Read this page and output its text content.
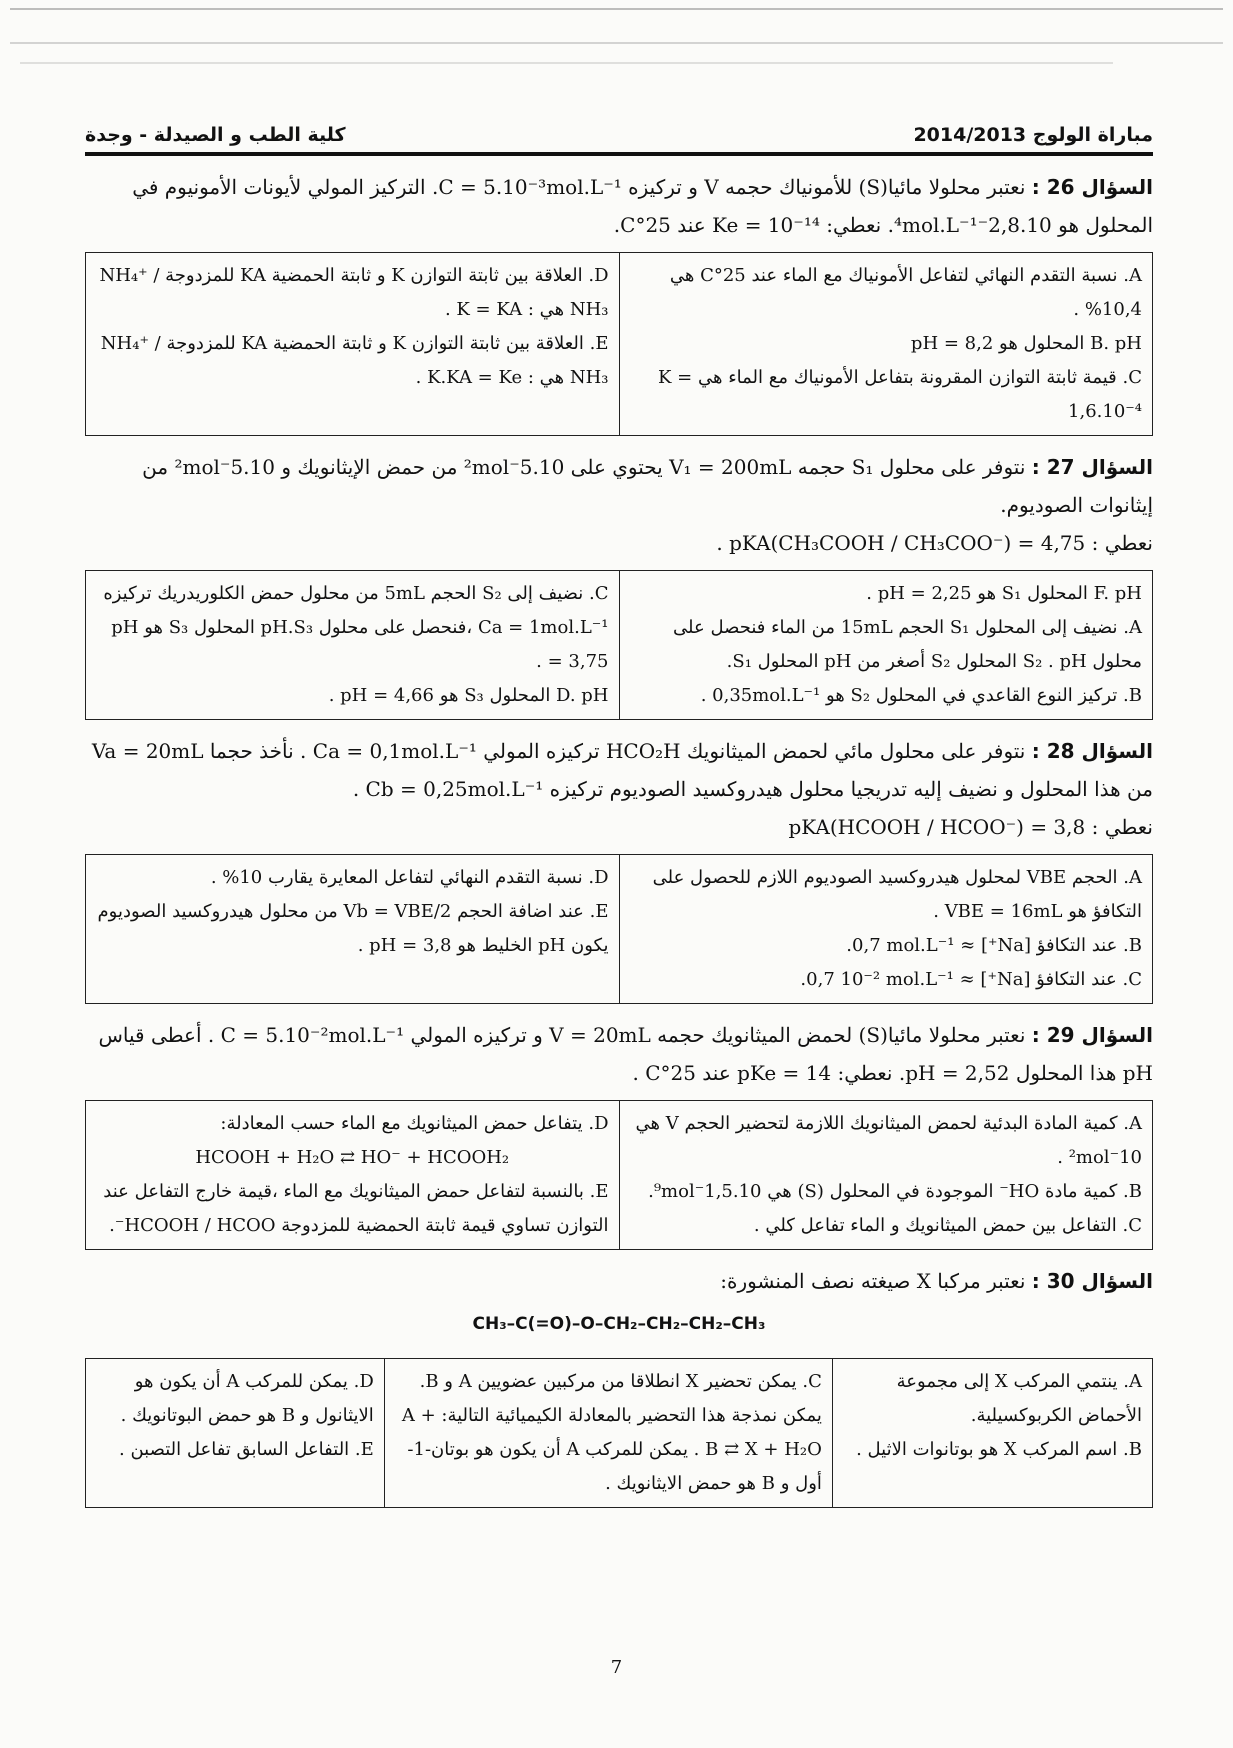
مباراة الولوج 2014/2013
كلية الطب و الصيدلة - وجدة
السؤال 26 : نعتبر محلولا مائيا(S) للأمونياك حجمه V و تركيزه C = 5.10⁻³mol.L⁻¹. التركيز المولي لأيونات الأمونيوم في المحلول هو 2,8.10⁻⁴mol.L⁻¹. نعطي: Ke = 10⁻¹⁴ عند 25°C.
A. نسبة التقدم النهائي لتفاعل الأمونياك مع الماء عند 25°C هي 10,4% .
B. pH المحلول هو pH = 8,2
C. قيمة ثابتة التوازن المقرونة بتفاعل الأمونياك مع الماء هي K = 1,6.10⁻⁴

D. العلاقة بين ثابتة التوازن K و ثابتة الحمضية KA للمزدوجة NH₄⁺ / NH₃ هي : K = KA .
E. العلاقة بين ثابتة التوازن K و ثابتة الحمضية KA للمزدوجة NH₄⁺ / NH₃ هي : K.KA = Ke .
السؤال 27 : نتوفر على محلول S₁ حجمه V₁ = 200mL يحتوي على 5.10⁻²mol من حمض الإيثانويك و 5.10⁻²mol من إيثانوات الصوديوم.
نعطي : pKA(CH₃COOH / CH₃COO⁻) = 4,75 .
F. pH المحلول S₁ هو pH = 2,25 .
A. نضيف إلى المحلول S₁ الحجم 15mL من الماء فنحصل على محلول S₂ . pH المحلول S₂ أصغر من pH المحلول S₁.
B. تركيز النوع القاعدي في المحلول S₂ هو 0,35mol.L⁻¹ .

C. نضيف إلى S₂ الحجم 5mL من محلول حمض الكلوريدريك تركيزه Ca = 1mol.L⁻¹ ،فنحصل على محلول pH.S₃ المحلول S₃ هو pH = 3,75 .
D. pH المحلول S₃ هو pH = 4,66 .
السؤال 28 : نتوفر على محلول مائي لحمض الميثانويك HCO₂H تركيزه المولي Ca = 0,1mol.L⁻¹ . نأخذ حجما Va = 20mL من هذا المحلول و نضيف إليه تدريجيا محلول هيدروكسيد الصوديوم تركيزه Cb = 0,25mol.L⁻¹ .
نعطي : pKA(HCOOH / HCOO⁻) = 3,8
A. الحجم VBE لمحلول هيدروكسيد الصوديوم اللازم للحصول على التكافؤ هو VBE = 16mL .
B. عند التكافؤ [Na⁺] ≈ 0,7 mol.L⁻¹.
C. عند التكافؤ [Na⁺] ≈ 0,7 10⁻² mol.L⁻¹.

D. نسبة التقدم النهائي لتفاعل المعايرة يقارب 10% .
E. عند اضافة الحجم Vb = VBE/2 من محلول هيدروكسيد الصوديوم يكون pH الخليط هو pH = 3,8 .
السؤال 29 : نعتبر محلولا مائيا(S) لحمض الميثانويك حجمه V = 20mL و تركيزه المولي C = 5.10⁻²mol.L⁻¹ . أعطى قياس pH هذا المحلول pH = 2,52. نعطي: pKe = 14 عند 25°C .
A. كمية المادة البدئية لحمض الميثانويك اللازمة لتحضير الحجم V هي 10⁻²mol .
B. كمية مادة HO⁻ الموجودة في المحلول (S) هي 1,5.10⁻⁹mol.
C. التفاعل بين حمض الميثانويك و الماء تفاعل كلي .

D. يتفاعل حمض الميثانويك مع الماء حسب المعادلة:
HCOOH + H₂O ⇄ HO⁻ + HCOOH₂
E. بالنسبة لتفاعل حمض الميثانويك مع الماء ،قيمة خارج التفاعل عند التوازن تساوي قيمة ثابتة الحمضية للمزدوجة HCOOH / HCOO⁻.
السؤال 30 : نعتبر مركبا X صيغته نصف المنشورة:
CH₃–C(=O)–O–CH₂–CH₂–CH₂–CH₃
A. ينتمي المركب X إلى مجموعة الأحماض الكربوكسيلية.
B. اسم المركب X هو بوتانوات الاثيل .

C. يمكن تحضير X انطلاقا من مركبين عضويين A و B. يمكن نمذجة هذا التحضير بالمعادلة الكيميائية التالية: A + B ⇄ X + H₂O . يمكن للمركب A أن يكون هو بوتان-1- أول و B هو حمض الايثانويك .

D. يمكن للمركب A أن يكون هو الايثانول و B هو حمض البوتانويك .
E. التفاعل السابق تفاعل التصبن .
7
